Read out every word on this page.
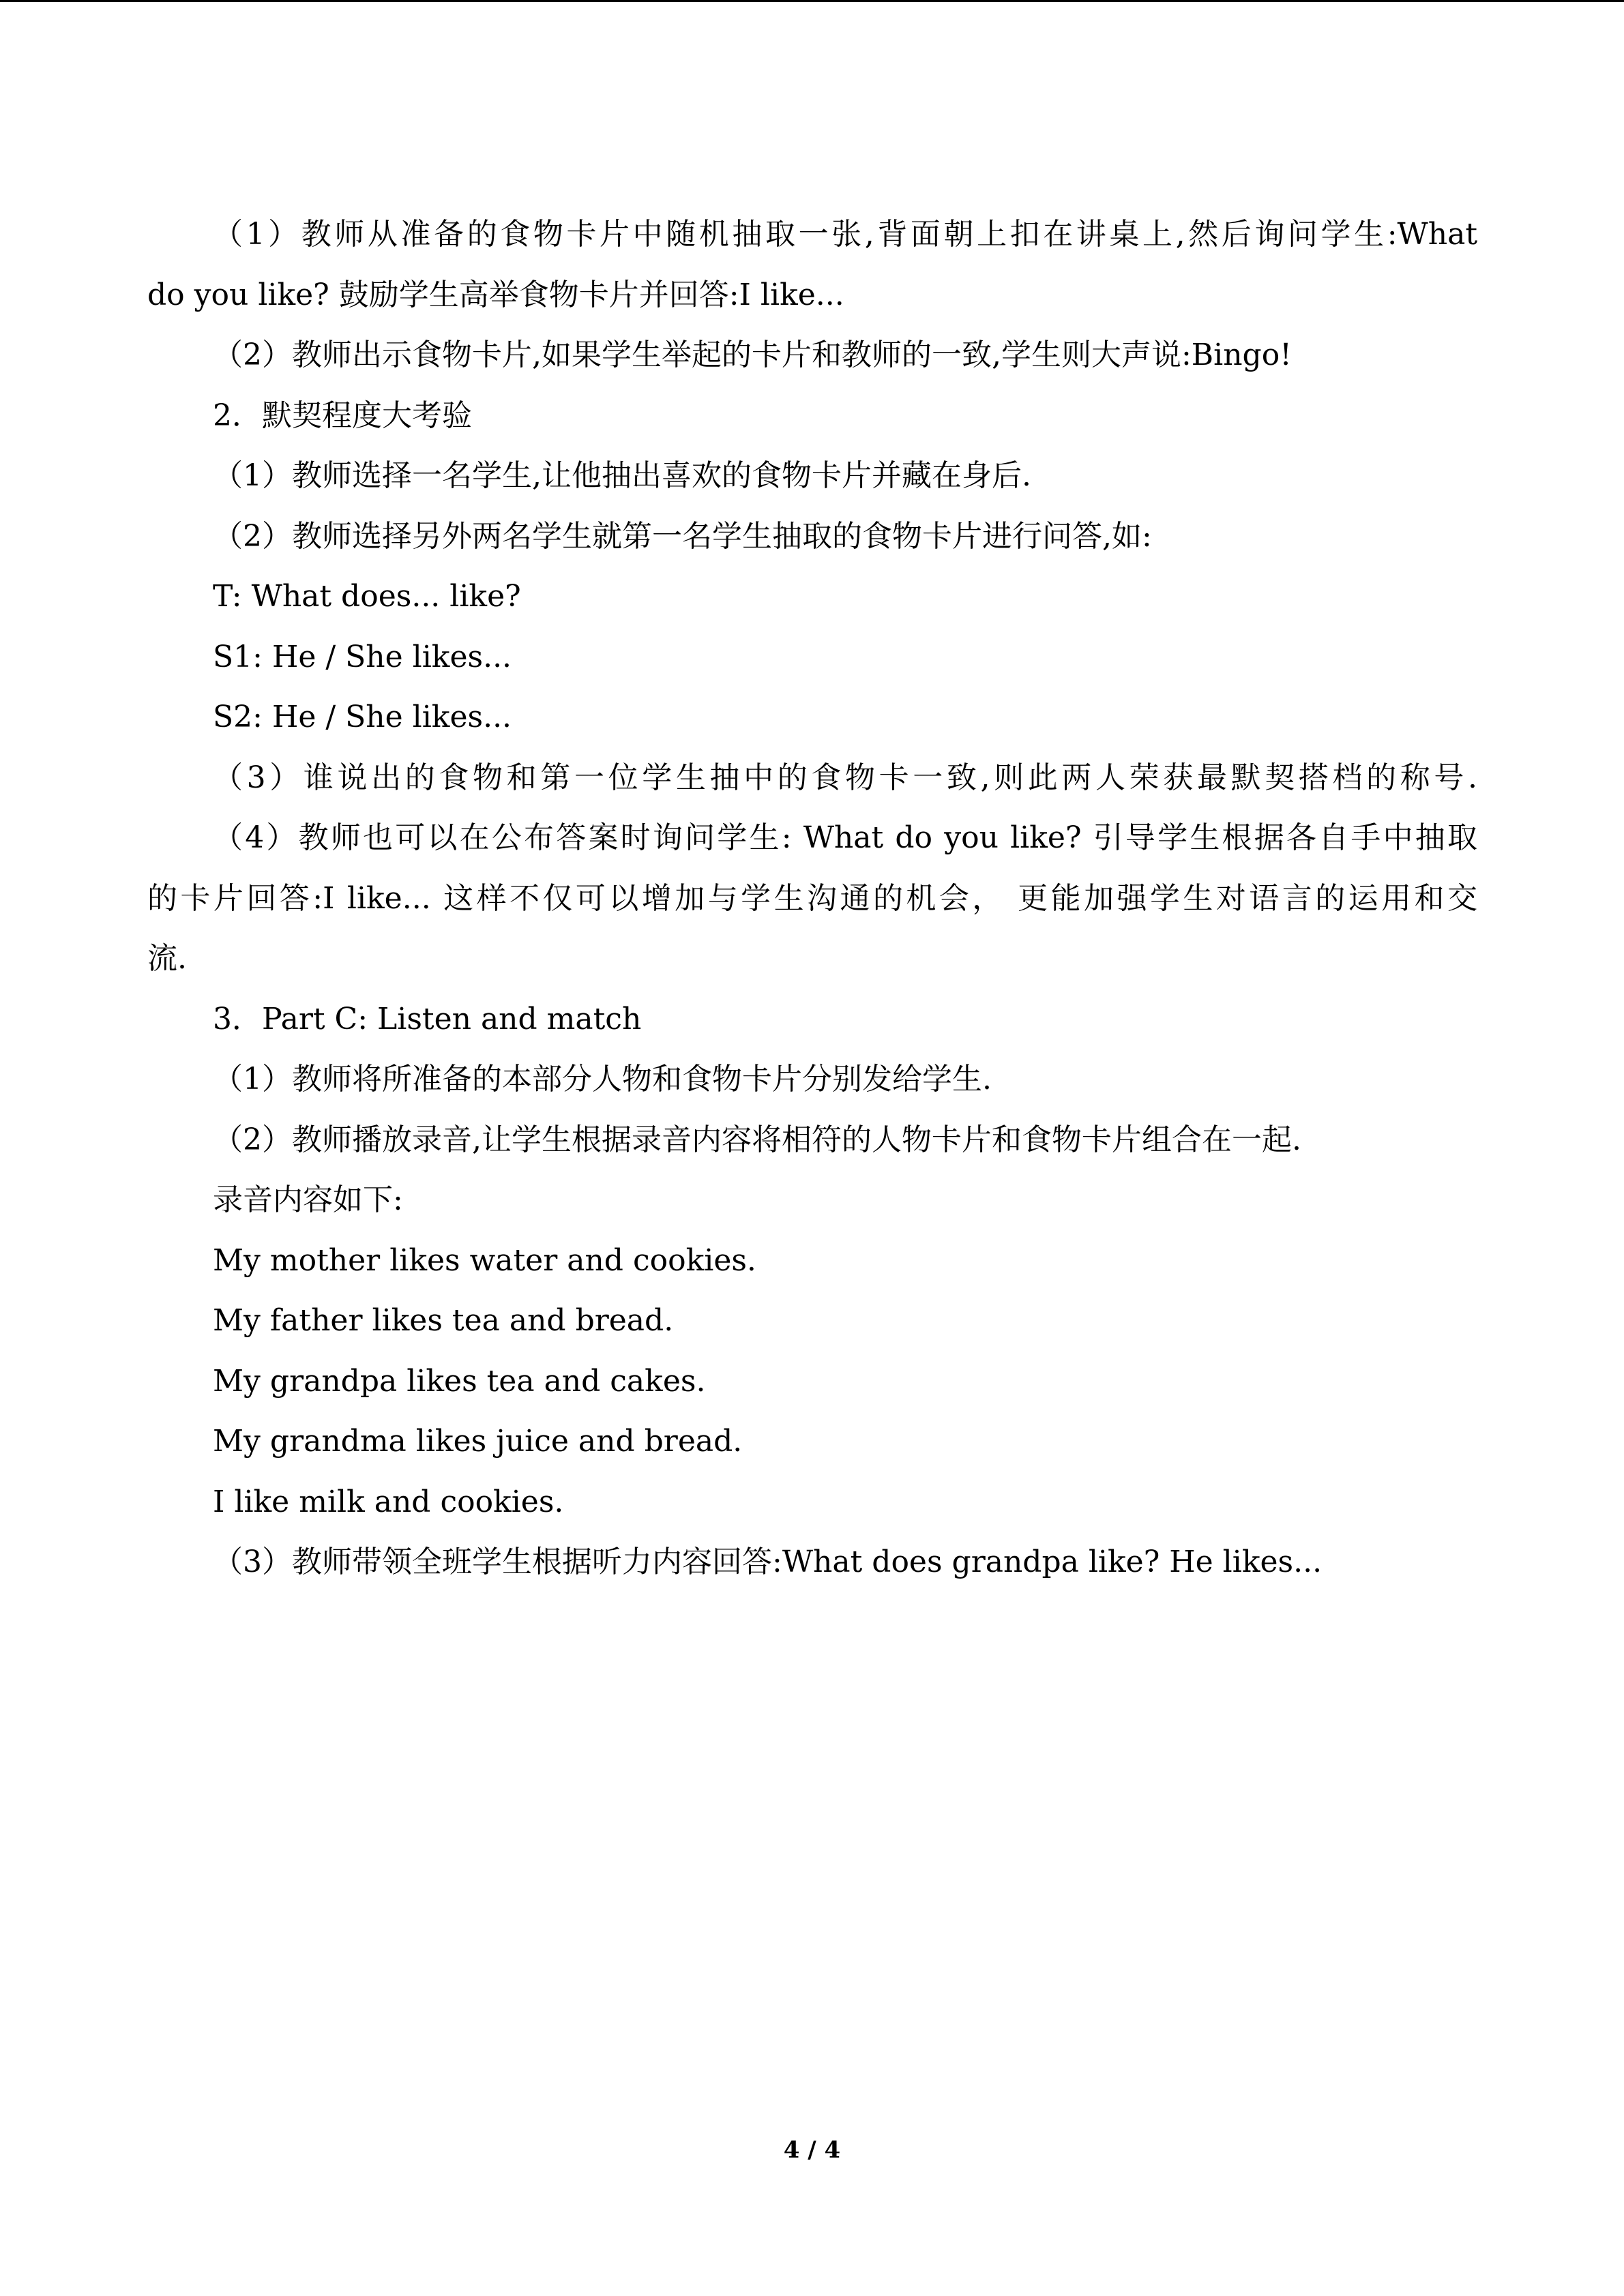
（1）教师从准备的食物卡片中随机抽取一张,背面朝上扣在讲桌上,然后询问学生:What
do you like? 鼓励学生高举食物卡片并回答:I like...
（2）教师出示食物卡片,如果学生举起的卡片和教师的一致,学生则大声说:Bingo!
2．默契程度大考验
（1）教师选择一名学生,让他抽出喜欢的食物卡片并藏在身后.
（2）教师选择另外两名学生就第一名学生抽取的食物卡片进行问答,如:
T: What does... like?
S1: He / She likes...
S2: He / She likes...
（3）谁说出的食物和第一位学生抽中的食物卡一致,则此两人荣获最默契搭档的称号.
（4）教师也可以在公布答案时询问学生: What do you like? 引导学生根据各自手中抽取
的卡片回答:I like... 这样不仅可以增加与学生沟通的机会， 更能加强学生对语言的运用和交
流.
3．Part C: Listen and match
（1）教师将所准备的本部分人物和食物卡片分别发给学生.
（2）教师播放录音,让学生根据录音内容将相符的人物卡片和食物卡片组合在一起.
录音内容如下:
My mother likes water and cookies.
My father likes tea and bread.
My grandpa likes tea and cakes.
My grandma likes juice and bread.
I like milk and cookies.
（3）教师带领全班学生根据听力内容回答:What does grandpa like? He likes...
4 / 4
